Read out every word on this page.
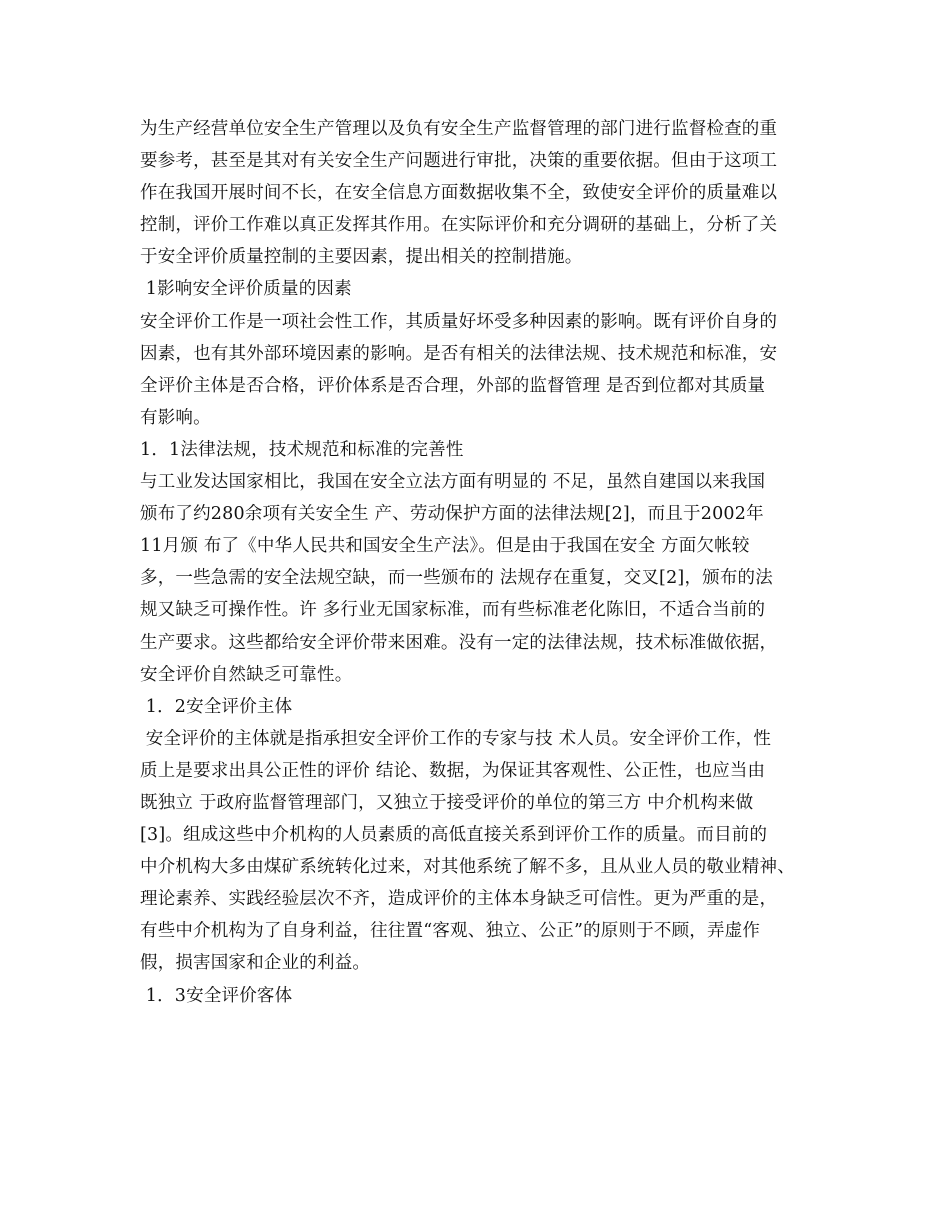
为生产经营单位安全生产管理以及负有安全生产监督管理的部门进行监督检查的重
要参考，甚至是其对有关安全生产问题进行审批，决策的重要依据。但由于这项工
作在我国开展时间不长，在安全信息方面数据收集不全，致使安全评价的质量难以
控制，评价工作难以真正发挥其作用。在实际评价和充分调研的基础上，分析了关
于安全评价质量控制的主要因素，提出相关的控制措施。
1影响安全评价质量的因素
安全评价工作是一项社会性工作，其质量好坏受多种因素的影响。既有评价自身的
因素，也有其外部环境因素的影响。是否有相关的法律法规、技术规范和标准，安
全评价主体是否合格，评价体系是否合理，外部的监督管理 是否到位都对其质量
有影响。
1．1法律法规，技术规范和标准的完善性
与工业发达国家相比，我国在安全立法方面有明显的 不足，虽然自建国以来我国
颁布了约280余项有关安全生 产、劳动保护方面的法律法规[2]，而且于2002年
11月颁 布了《中华人民共和国安全生产法》。但是由于我国在安全 方面欠帐较
多，一些急需的安全法规空缺，而一些颁布的 法规存在重复，交叉[2]，颁布的法
规又缺乏可操作性。许 多行业无国家标准，而有些标准老化陈旧，不适合当前的
生产要求。这些都给安全评价带来困难。没有一定的法律法规，技术标准做依据，
安全评价自然缺乏可靠性。
1．2安全评价主体
安全评价的主体就是指承担安全评价工作的专家与技 术人员。安全评价工作，性
质上是要求出具公正性的评价 结论、数据，为保证其客观性、公正性，也应当由
既独立 于政府监督管理部门，又独立于接受评价的单位的第三方 中介机构来做
[3]。组成这些中介机构的人员素质的高低直接关系到评价工作的质量。而目前的
中介机构大多由煤矿系统转化过来，对其他系统了解不多，且从业人员的敬业精神、
理论素养、实践经验层次不齐，造成评价的主体本身缺乏可信性。更为严重的是，
有些中介机构为了自身利益，往往置“客观、独立、公正”的原则于不顾，弄虚作
假，损害国家和企业的利益。
1．3安全评价客体
